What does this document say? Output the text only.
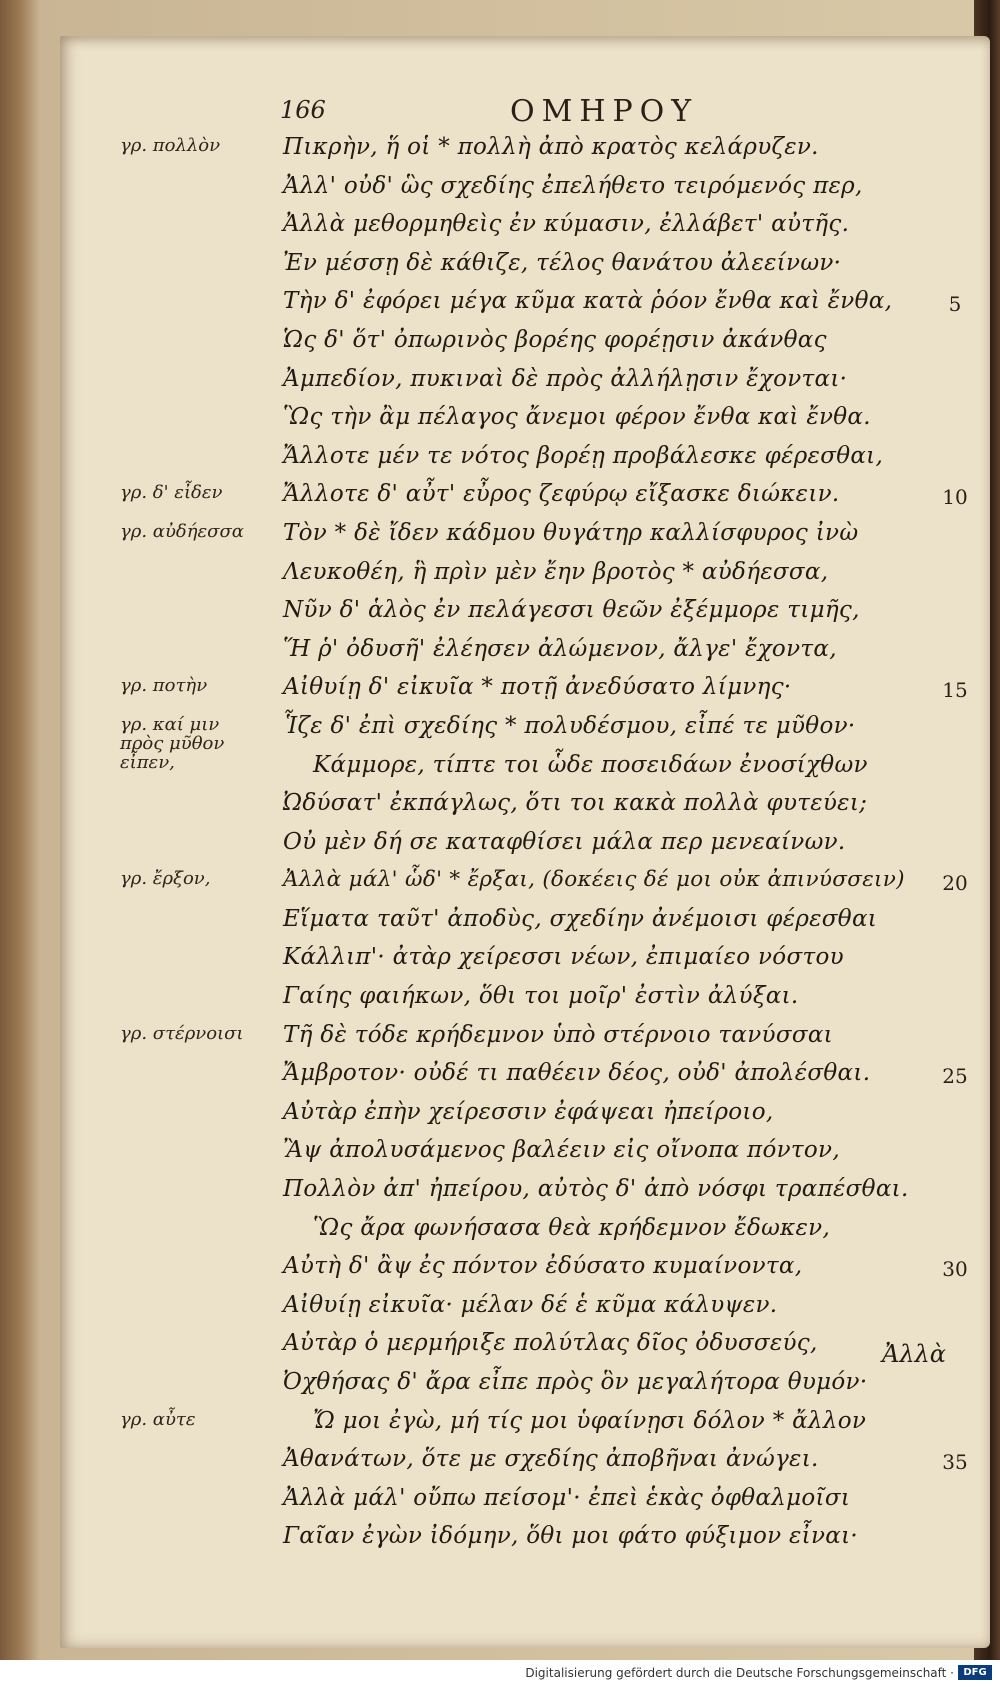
166	ΟΜΗΡΟΥ
Πικρὴν, ἥ οἱ * πολλὴ ἀπὸ κρατὸς κελάρυζεν.
γρ. πολλὸν
Ἀλλ' οὐδ' ὣς σχεδίης ἐπελήθετο τειρόμενός περ,
Ἀλλὰ μεθορμηθεὶς ἐν κύμασιν, ἐλλάβετ' αὐτῆς.
Ἐν μέσσῃ δὲ κάθιζε, τέλος θανάτου ἀλεείνων·
Τὴν δ' ἐφόρει μέγα κῦμα κατὰ ῥόον ἔνθα καὶ ἔνθα,	5
Ὡς δ' ὅτ' ὀπωρινὸς βορέης φορέῃσιν ἀκάνθας
Ἀμπεδίον, πυκιναὶ δὲ πρὸς ἀλλήλῃσιν ἔχονται·
Ὣς τὴν ἂμ πέλαγος ἄνεμοι φέρον ἔνθα καὶ ἔνθα.
Ἄλλοτε μέν τε νότος βορέῃ προβάλεσκε φέρεσθαι,
Ἄλλοτε δ' αὖτ' εὖρος ζεφύρῳ εἴξασκε διώκειν.
γρ. δ' εἶδεν	10
Τὸν * δὲ ἴδεν κάδμου θυγάτηρ καλλίσφυρος ἰνὼ
γρ. αὐδήεσσα
Λευκοθέη, ἣ πρὶν μὲν ἔην βροτὸς * αὐδήεσσα,
Νῦν δ' ἁλὸς ἐν πελάγεσσι θεῶν ἐξέμμορε τιμῆς,
Ἥ ῥ' ὀδυσῆ' ἐλέησεν ἀλώμενον, ἄλγε' ἔχοντα,
Αἰθυίῃ δ' εἰκυῖα * ποτῇ ἀνεδύσατο λίμνης·
γρ. ποτὴν	15
Ἷζε δ' ἐπὶ σχεδίης * πολυδέσμου, εἶπέ τε μῦθον·
γρ. καί μιν πρὸς μῦθον εἶπεν,	Κάμμορε, τίπτε τοι ὧδε ποσειδάων ἐνοσίχθων
Ὠδύσατ' ἐκπάγλως, ὅτι τοι κακὰ πολλὰ φυτεύει;
Οὐ μὲν δή σε καταφθίσει μάλα περ μενεαίνων.
Ἀλλὰ μάλ' ὧδ' * ἔρξαι, (δοκέεις δέ μοι οὐκ ἀπινύσσειν)
γρ. ἔρξον,	20
Εἵματα ταῦτ' ἀποδὺς, σχεδίην ἀνέμοισι φέρεσθαι
Κάλλιπ'· ἀτὰρ χείρεσσι νέων, ἐπιμαίεο νόστου
Γαίης φαιήκων, ὅθι τοι μοῖρ' ἐστὶν ἀλύξαι.
Τῆ δὲ τόδε κρήδεμνον ὑπὸ στέρνοιο τανύσσαι
γρ. στέρνοισι
Ἄμβροτον· οὐδέ τι παθέειν δέος, οὐδ' ἀπολέσθαι.	25
Αὐτὰρ ἐπὴν χείρεσσιν ἐφάψεαι ἠπείροιο,
Ἂψ ἀπολυσάμενος βαλέειν εἰς οἴνοπα πόντον,
Πολλὸν ἀπ' ἠπείρου, αὐτὸς δ' ἀπὸ νόσφι τραπέσθαι.
Ὣς ἄρα φωνήσασα θεὰ κρήδεμνον ἔδωκεν,
Αὐτὴ δ' ἂψ ἐς πόντον ἐδύσατο κυμαίνοντα,	30
Αἰθυίῃ εἰκυῖα· μέλαν δέ ἑ κῦμα κάλυψεν.
Αὐτὰρ ὁ μερμήριξε πολύτλας δῖος ὀδυσσεύς,
Ὀχθήσας δ' ἄρα εἶπε πρὸς ὃν μεγαλήτορα θυμόν·
Ὤ μοι ἐγὼ, μή τίς μοι ὑφαίνῃσι δόλον * ἄλλον
γρ. αὖτε
Ἀθανάτων, ὅτε με σχεδίης ἀποβῆναι ἀνώγει.	35
Ἀλλὰ μάλ' οὔπω πείσομ'· ἐπεὶ ἑκὰς ὀφθαλμοῖσι
Γαῖαν ἐγὼν ἰδόμην, ὅθι μοι φάτο φύξιμον εἶναι·
Ἀλλὰ
Digitalisierung gefördert durch die Deutsche Forschungsgemeinschaft · DFG
